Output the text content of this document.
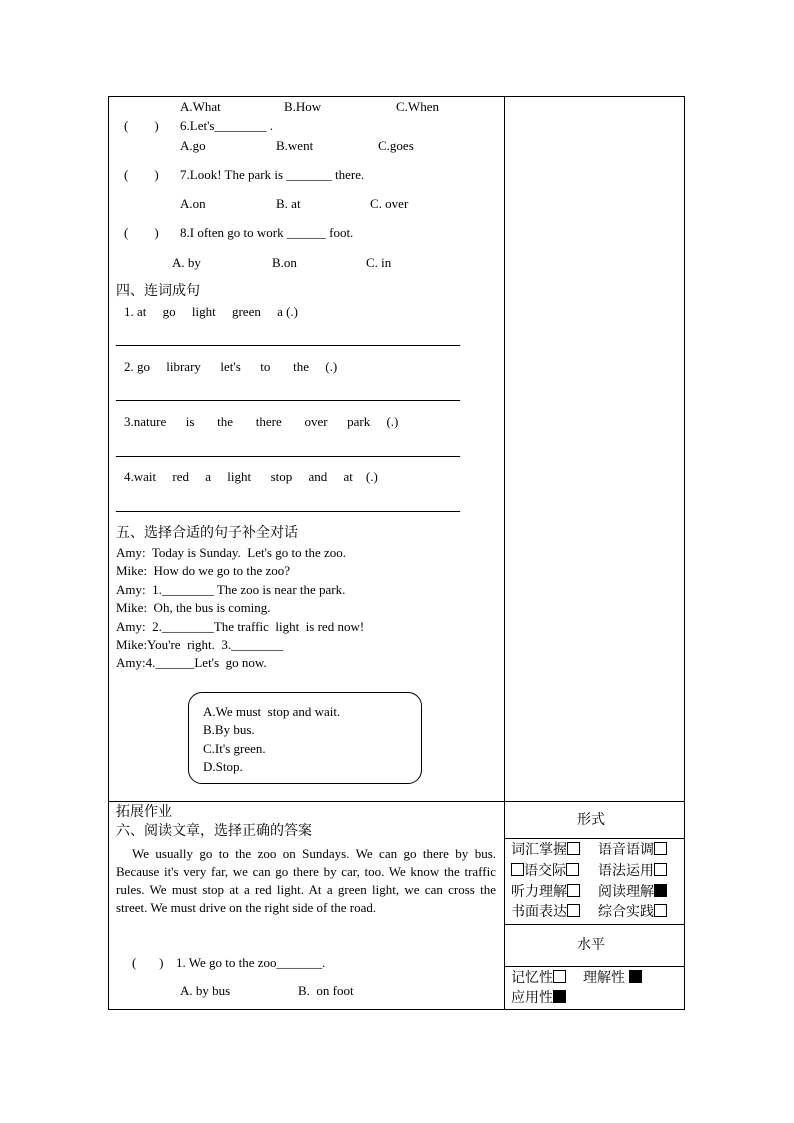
A.What	B.How	C.When
(        ) 6.Let's________ .
A.go	B.went	C.goes
(        ) 7.Look! The park is _______ there.
A.on	B. at	C. over
(        ) 8.I often go to work ______ foot.
A. by	B.on	C. in
四、连词成句
1. at     go     light     green     a (.)
2. go     library      let's      to       the     (.)
3.nature      is       the       there       over      park     (.)
4.wait     red     a     light      stop     and     at    (.)
五、选择合适的句子补全对话
Amy:  Today is Sunday.  Let's go to the zoo.
Mike:  How do we go to the zoo?
Amy:  1.________ The zoo is near the park.
Mike:  Oh, the bus is coming.
Amy:  2.________The traffic  light  is red now!
Mike:You're  right.  3.________
Amy:4.______Let's  go now.
A.We must  stop and wait.
B.By bus.
C.It's green.
D.Stop.
拓展作业
六、阅读文章，选择正确的答案
We usually go to the zoo on Sundays. We can go there by bus. Because it's very far, we can go there by car, too. We know the traffic rules. We must stop at a red light. At a green light, we can cross the street. We must drive on the right side of the road.
(       ) 1. We go to the zoo_______.
A. by bus	B.  on foot
形式
词汇掌握	语音语调
语交际	语法运用
听力理解	阅读理解
书面表达	综合实践
水平
记忆性	理解性
应用性
